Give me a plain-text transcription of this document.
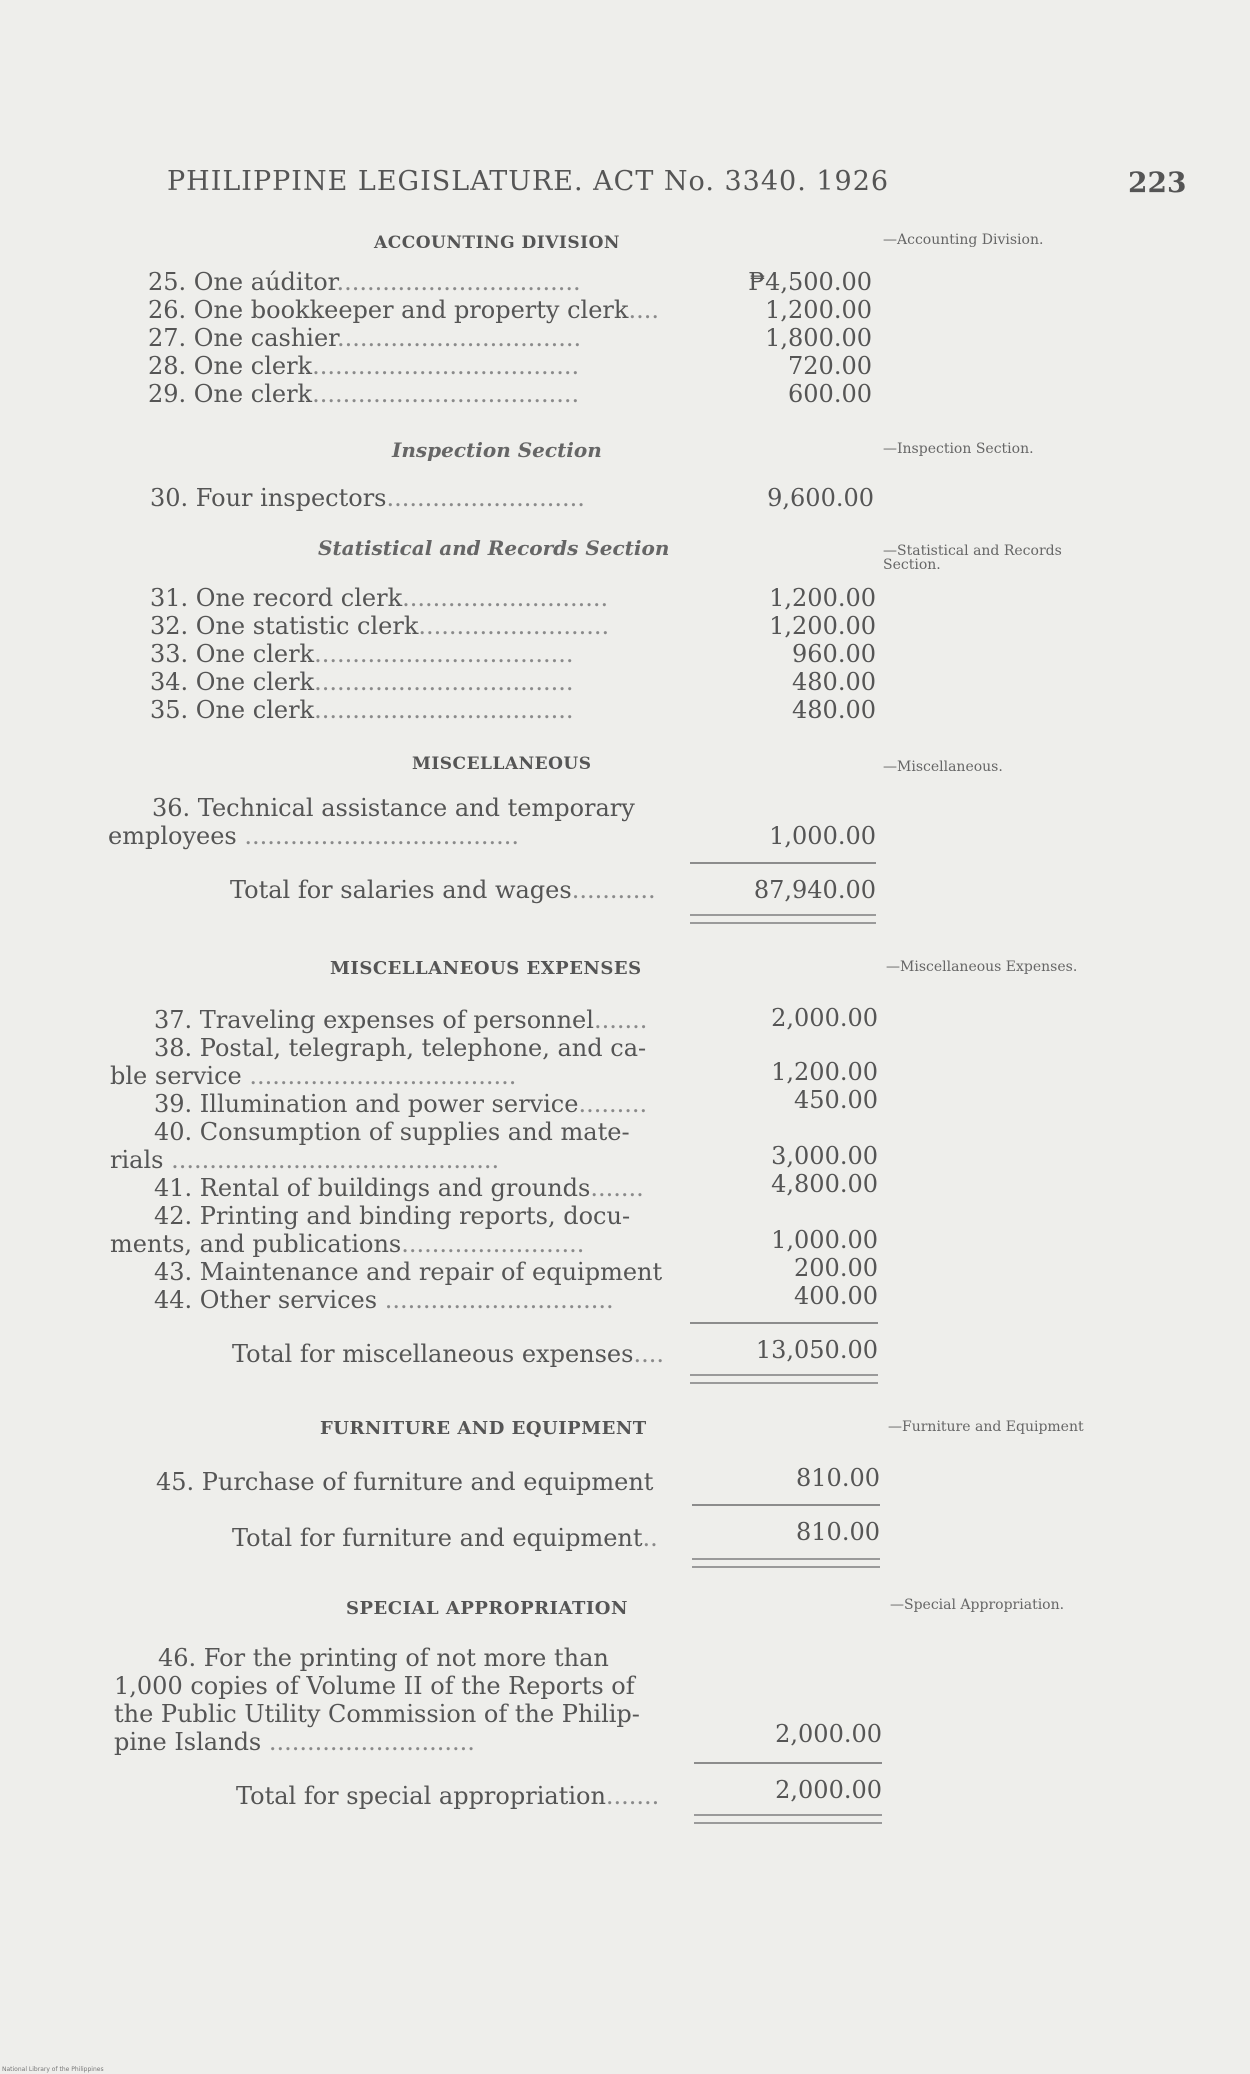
PHILIPPINE LEGISLATURE. ACT No. 3340. 1926	223
ACCOUNTING DIVISION	—Accounting Division.
25. One aúditor................................	₱4,500.00
26. One bookkeeper and property clerk....	1,200.00
27. One cashier................................	1,800.00
28. One clerk...................................	720.00
29. One clerk...................................	600.00
Inspection Section	—Inspection Section.
30. Four inspectors..........................	9,600.00
Statistical and Records Section	—Statistical and Records Section.
31. One record clerk...........................	1,200.00
32. One statistic clerk.........................	1,200.00
33. One clerk..................................	960.00
34. One clerk..................................	480.00
35. One clerk..................................	480.00
MISCELLANEOUS	—Miscellaneous.
36. Technical assistance and temporary
employees ....................................	1,000.00
Total for salaries and wages...........	87,940.00
MISCELLANEOUS EXPENSES	—Miscellaneous Expenses.
37. Traveling expenses of personnel.......	2,000.00
38. Postal, telegraph, telephone, and ca-
ble service ...................................	1,200.00
39. Illumination and power service.........	450.00
40. Consumption of supplies and mate-
rials ...........................................	3,000.00
41. Rental of buildings and grounds.......	4,800.00
42. Printing and binding reports, docu-
ments, and publications........................	1,000.00
43. Maintenance and repair of equipment	200.00
44. Other services ..............................	400.00
Total for miscellaneous expenses....	13,050.00
FURNITURE AND EQUIPMENT	—Furniture and Equipment
45. Purchase of furniture and equipment	810.00
Total for furniture and equipment..	810.00
SPECIAL APPROPRIATION	—Special Appropriation.
46. For the printing of not more than
1,000 copies of Volume II of the Reports of
the Public Utility Commission of the Philip-
pine Islands ...........................	2,000.00
Total for special appropriation.......	2,000.00
National Library of the Philippines
